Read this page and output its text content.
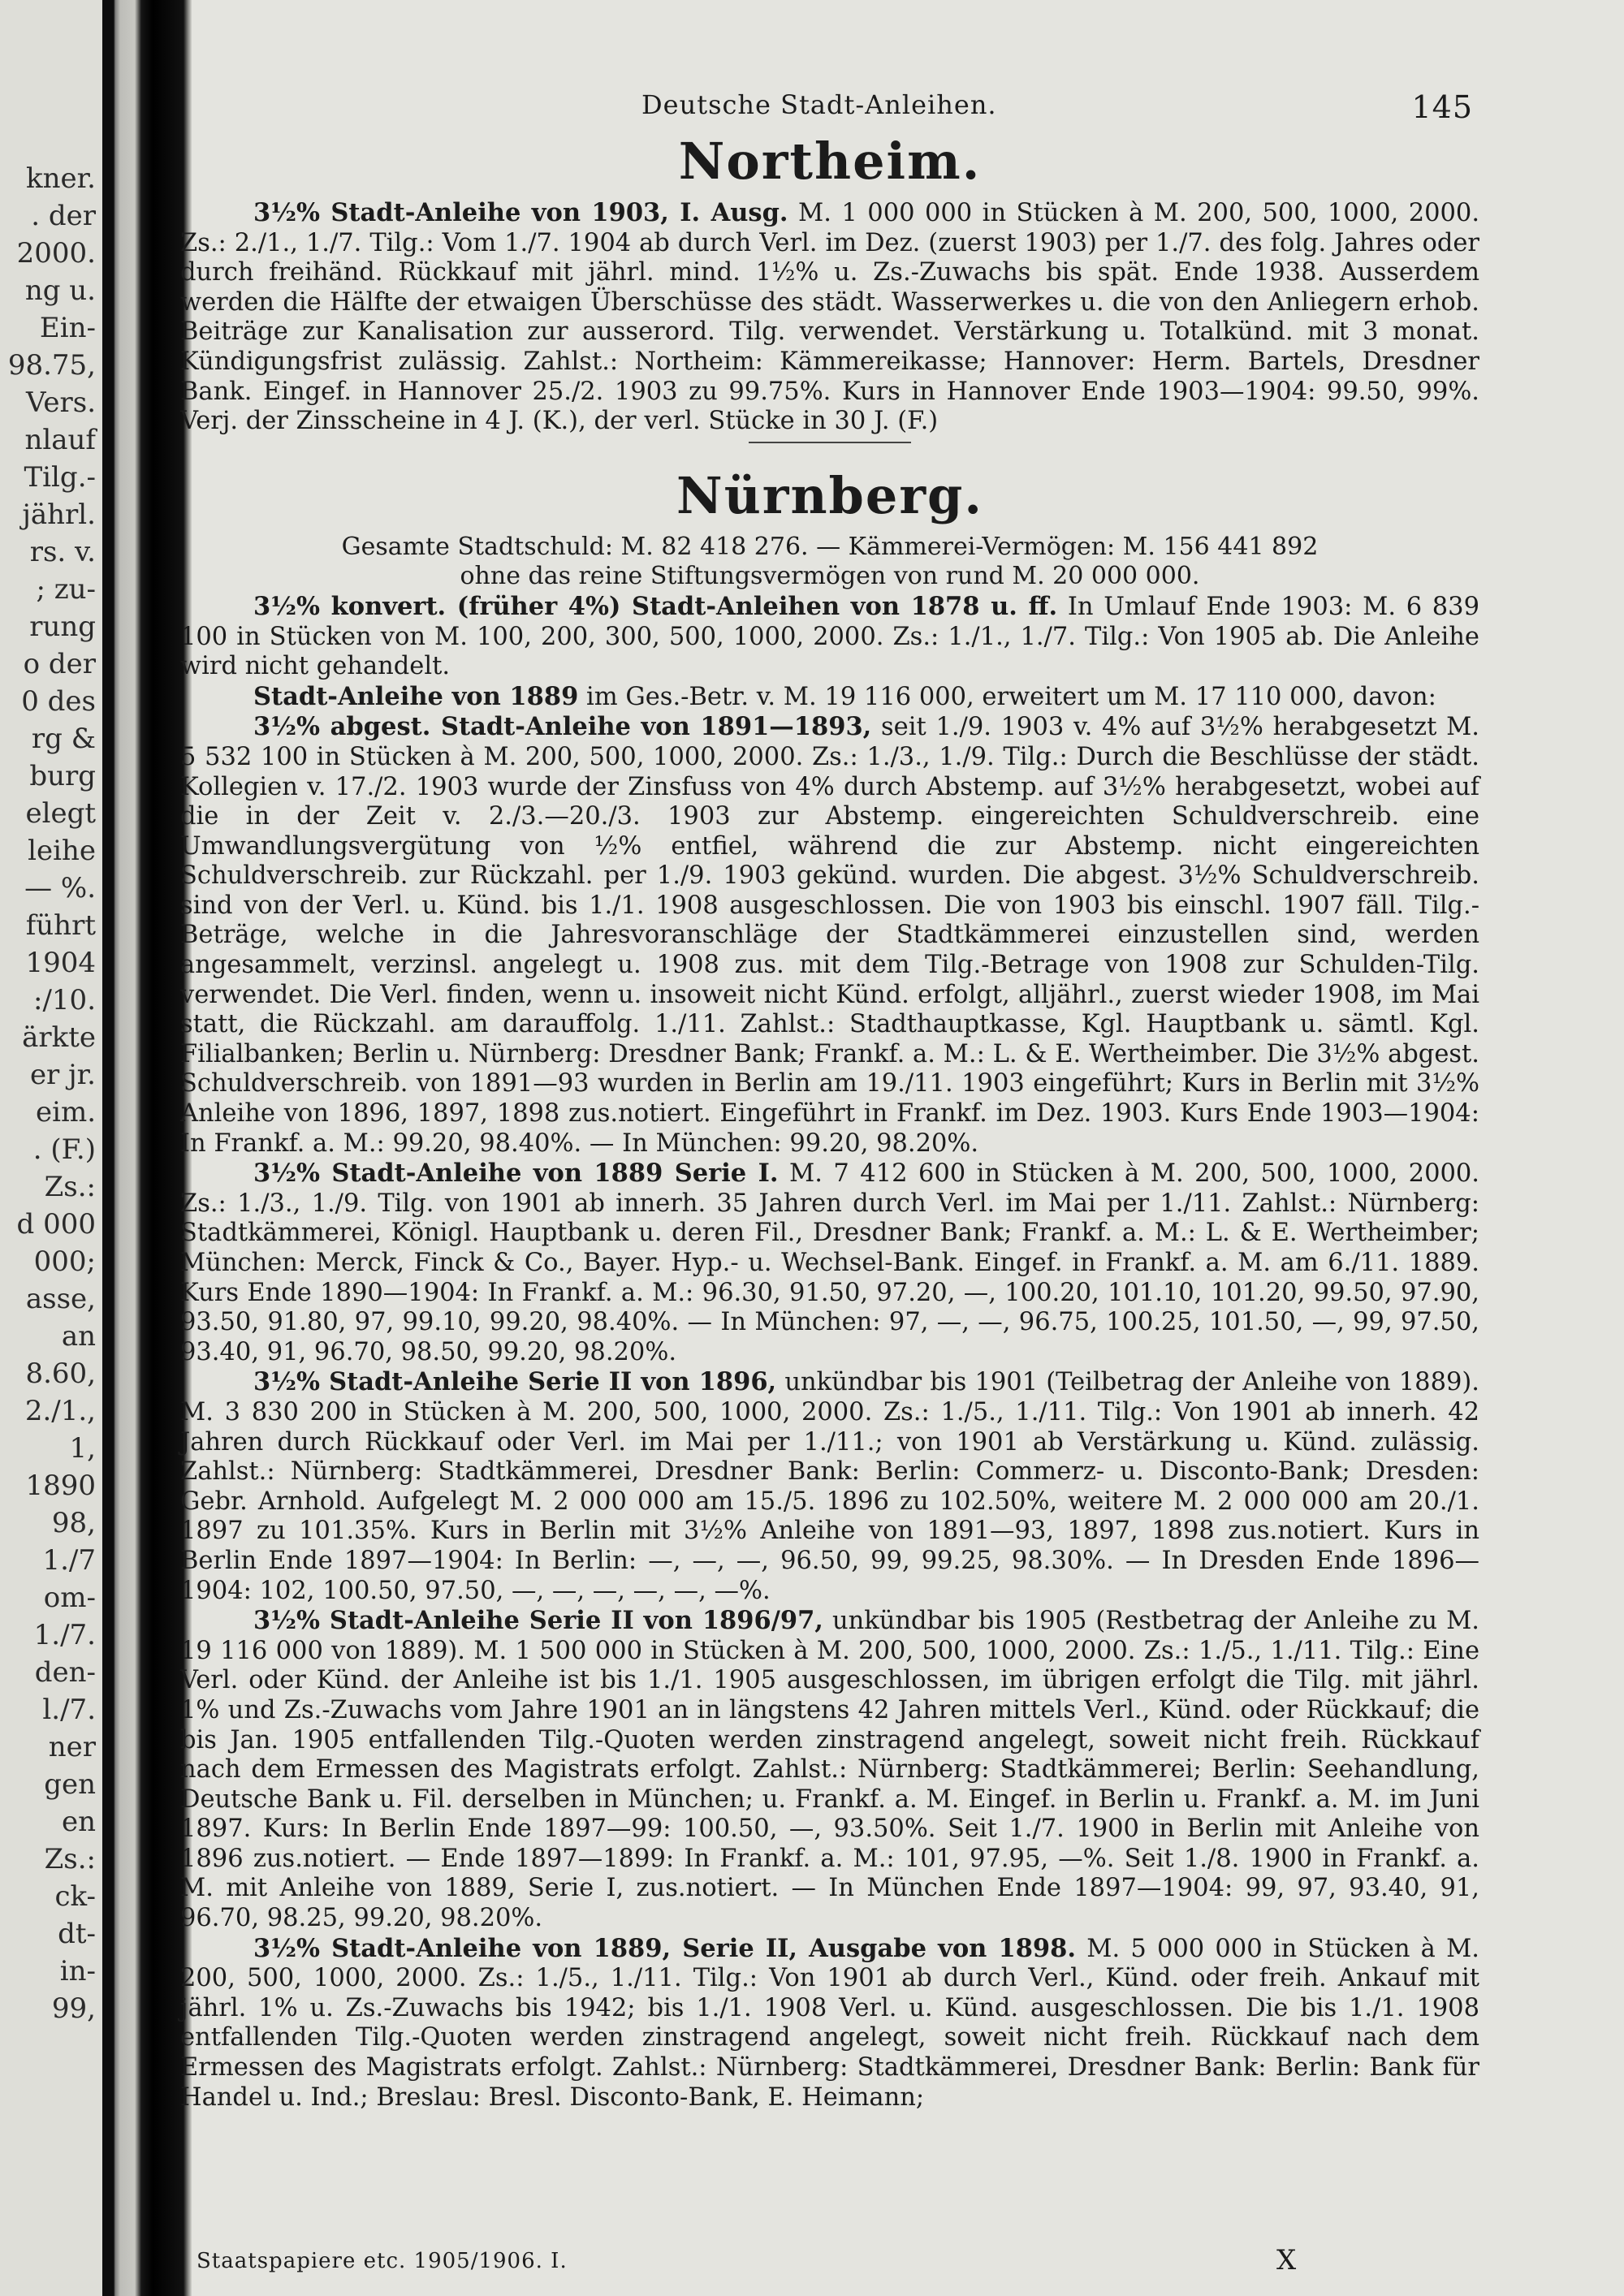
kner.
. der
2000.
ng u.
Ein-
98.75,
Vers.
nlauf
Tilg.-
jährl.
rs. v.
; zu-
rung
o der
0 des
rg &
burg
elegt
leihe
— %.
führt
1904
:/10.
ärkte
er jr.
eim.
. (F.)
Zs.:
d 000
000;
asse,
an
8.60,
2./1.,
1,
1890
98,
1./7
om-
1./7.
den-
l./7.
ner
gen
en
Zs.:
ck-
dt-
in-
99,
Deutsche Stadt-Anleihen.	145
Northeim.

3½% Stadt-Anleihe von 1903, I. Ausg. M. 1 000 000 in Stücken à M. 200, 500, 1000, 2000. Zs.: 2./1., 1./7. Tilg.: Vom 1./7. 1904 ab durch Verl. im Dez. (zuerst 1903) per 1./7. des folg. Jahres oder durch freihänd. Rückkauf mit jährl. mind. 1½% u. Zs.-Zuwachs bis spät. Ende 1938. Ausserdem werden die Hälfte der etwaigen Überschüsse des städt. Wasserwerkes u. die von den Anliegern erhob. Beiträge zur Kanalisation zur ausserord. Tilg. verwendet. Verstärkung u. Totalkünd. mit 3 monat. Kündigungsfrist zulässig. Zahlst.: Northeim: Kämmereikasse; Hannover: Herm. Bartels, Dresdner Bank. Eingef. in Hannover 25./2. 1903 zu 99.75%. Kurs in Hannover Ende 1903—1904: 99.50, 99%. Verj. der Zinsscheine in 4 J. (K.), der verl. Stücke in 30 J. (F.)

Nürnberg.

Gesamte Stadtschuld: M. 82 418 276. — Kämmerei-Vermögen: M. 156 441 892

ohne das reine Stiftungsvermögen von rund M. 20 000 000.

3½% konvert. (früher 4%) Stadt-Anleihen von 1878 u. ff. In Umlauf Ende 1903: M. 6 839 100 in Stücken von M. 100, 200, 300, 500, 1000, 2000. Zs.: 1./1., 1./7. Tilg.: Von 1905 ab. Die Anleihe wird nicht gehandelt.

Stadt-Anleihe von 1889 im Ges.-Betr. v. M. 19 116 000, erweitert um M. 17 110 000, davon:

3½% abgest. Stadt-Anleihe von 1891—1893, seit 1./9. 1903 v. 4% auf 3½% herabgesetzt M. 5 532 100 in Stücken à M. 200, 500, 1000, 2000. Zs.: 1./3., 1./9. Tilg.: Durch die Beschlüsse der städt. Kollegien v. 17./2. 1903 wurde der Zinsfuss von 4% durch Abstemp. auf 3½% herabgesetzt, wobei auf die in der Zeit v. 2./3.—20./3. 1903 zur Abstemp. eingereichten Schuldverschreib. eine Umwandlungsvergütung von ½% entfiel, während die zur Abstemp. nicht eingereichten Schuldverschreib. zur Rückzahl. per 1./9. 1903 gekünd. wurden. Die abgest. 3½% Schuldverschreib. sind von der Verl. u. Künd. bis 1./1. 1908 ausgeschlossen. Die von 1903 bis einschl. 1907 fäll. Tilg.-Beträge, welche in die Jahresvoranschläge der Stadtkämmerei einzustellen sind, werden angesammelt, verzinsl. angelegt u. 1908 zus. mit dem Tilg.-Betrage von 1908 zur Schulden-Tilg. verwendet. Die Verl. finden, wenn u. insoweit nicht Künd. erfolgt, alljährl., zuerst wieder 1908, im Mai statt, die Rückzahl. am darauffolg. 1./11. Zahlst.: Stadthauptkasse, Kgl. Hauptbank u. sämtl. Kgl. Filialbanken; Berlin u. Nürnberg: Dresdner Bank; Frankf. a. M.: L. & E. Wertheimber. Die 3½% abgest. Schuldverschreib. von 1891—93 wurden in Berlin am 19./11. 1903 eingeführt; Kurs in Berlin mit 3½% Anleihe von 1896, 1897, 1898 zus.notiert. Eingeführt in Frankf. im Dez. 1903. Kurs Ende 1903—1904: In Frankf. a. M.: 99.20, 98.40%. — In München: 99.20, 98.20%.

3½% Stadt-Anleihe von 1889 Serie I. M. 7 412 600 in Stücken à M. 200, 500, 1000, 2000. Zs.: 1./3., 1./9. Tilg. von 1901 ab innerh. 35 Jahren durch Verl. im Mai per 1./11. Zahlst.: Nürnberg: Stadtkämmerei, Königl. Hauptbank u. deren Fil., Dresdner Bank; Frankf. a. M.: L. & E. Wertheimber; München: Merck, Finck & Co., Bayer. Hyp.- u. Wechsel-Bank. Eingef. in Frankf. a. M. am 6./11. 1889. Kurs Ende 1890—1904: In Frankf. a. M.: 96.30, 91.50, 97.20, —, 100.20, 101.10, 101.20, 99.50, 97.90, 93.50, 91.80, 97, 99.10, 99.20, 98.40%. — In München: 97, —, —, 96.75, 100.25, 101.50, —, 99, 97.50, 93.40, 91, 96.70, 98.50, 99.20, 98.20%.

3½% Stadt-Anleihe Serie II von 1896, unkündbar bis 1901 (Teilbetrag der Anleihe von 1889). M. 3 830 200 in Stücken à M. 200, 500, 1000, 2000. Zs.: 1./5., 1./11. Tilg.: Von 1901 ab innerh. 42 Jahren durch Rückkauf oder Verl. im Mai per 1./11.; von 1901 ab Verstärkung u. Künd. zulässig. Zahlst.: Nürnberg: Stadtkämmerei, Dresdner Bank: Berlin: Commerz- u. Disconto-Bank; Dresden: Gebr. Arnhold. Aufgelegt M. 2 000 000 am 15./5. 1896 zu 102.50%, weitere M. 2 000 000 am 20./1. 1897 zu 101.35%. Kurs in Berlin mit 3½% Anleihe von 1891—93, 1897, 1898 zus.notiert. Kurs in Berlin Ende 1897—1904: In Berlin: —, —, —, 96.50, 99, 99.25, 98.30%. — In Dresden Ende 1896—1904: 102, 100.50, 97.50, —, —, —, —, —, —%.

3½% Stadt-Anleihe Serie II von 1896/97, unkündbar bis 1905 (Restbetrag der Anleihe zu M. 19 116 000 von 1889). M. 1 500 000 in Stücken à M. 200, 500, 1000, 2000. Zs.: 1./5., 1./11. Tilg.: Eine Verl. oder Künd. der Anleihe ist bis 1./1. 1905 ausgeschlossen, im übrigen erfolgt die Tilg. mit jährl. 1% und Zs.-Zuwachs vom Jahre 1901 an in längstens 42 Jahren mittels Verl., Künd. oder Rückkauf; die bis Jan. 1905 entfallenden Tilg.-Quoten werden zinstragend angelegt, soweit nicht freih. Rückkauf nach dem Ermessen des Magistrats erfolgt. Zahlst.: Nürnberg: Stadtkämmerei; Berlin: Seehandlung, Deutsche Bank u. Fil. derselben in München; u. Frankf. a. M. Eingef. in Berlin u. Frankf. a. M. im Juni 1897. Kurs: In Berlin Ende 1897—99: 100.50, —, 93.50%. Seit 1./7. 1900 in Berlin mit Anleihe von 1896 zus.notiert. — Ende 1897—1899: In Frankf. a. M.: 101, 97.95, —%. Seit 1./8. 1900 in Frankf. a. M. mit Anleihe von 1889, Serie I, zus.notiert. — In München Ende 1897—1904: 99, 97, 93.40, 91, 96.70, 98.25, 99.20, 98.20%.

3½% Stadt-Anleihe von 1889, Serie II, Ausgabe von 1898. M. 5 000 000 in Stücken à M. 200, 500, 1000, 2000. Zs.: 1./5., 1./11. Tilg.: Von 1901 ab durch Verl., Künd. oder freih. Ankauf mit jährl. 1% u. Zs.-Zuwachs bis 1942; bis 1./1. 1908 Verl. u. Künd. ausgeschlossen. Die bis 1./1. 1908 entfallenden Tilg.-Quoten werden zinstragend angelegt, soweit nicht freih. Rückkauf nach dem Ermessen des Magistrats erfolgt. Zahlst.: Nürnberg: Stadtkämmerei, Dresdner Bank: Berlin: Bank für Handel u. Ind.; Breslau: Bresl. Disconto-Bank, E. Heimann;

Staatspapiere etc. 1905/1906. I.	X
